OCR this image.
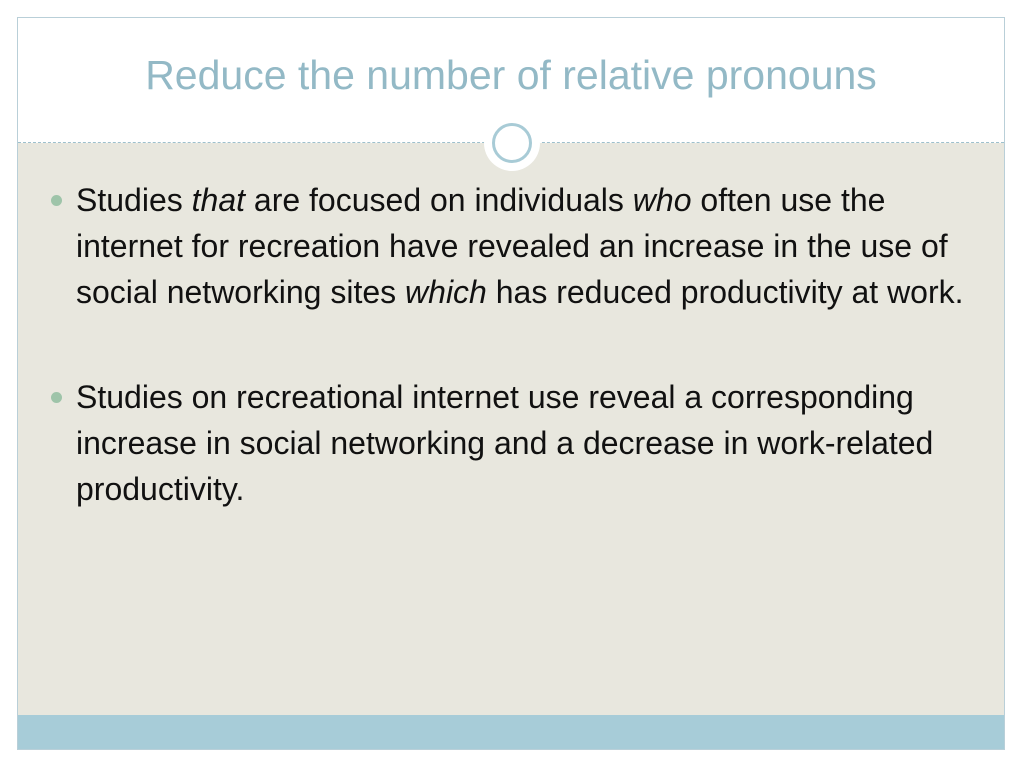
Reduce the number of relative pronouns
Studies that are focused on individuals who often use the internet for recreation have revealed an increase in the use of social networking sites which has reduced productivity at work.
Studies on recreational internet use reveal a corresponding increase in social networking and a decrease in work-related productivity.
